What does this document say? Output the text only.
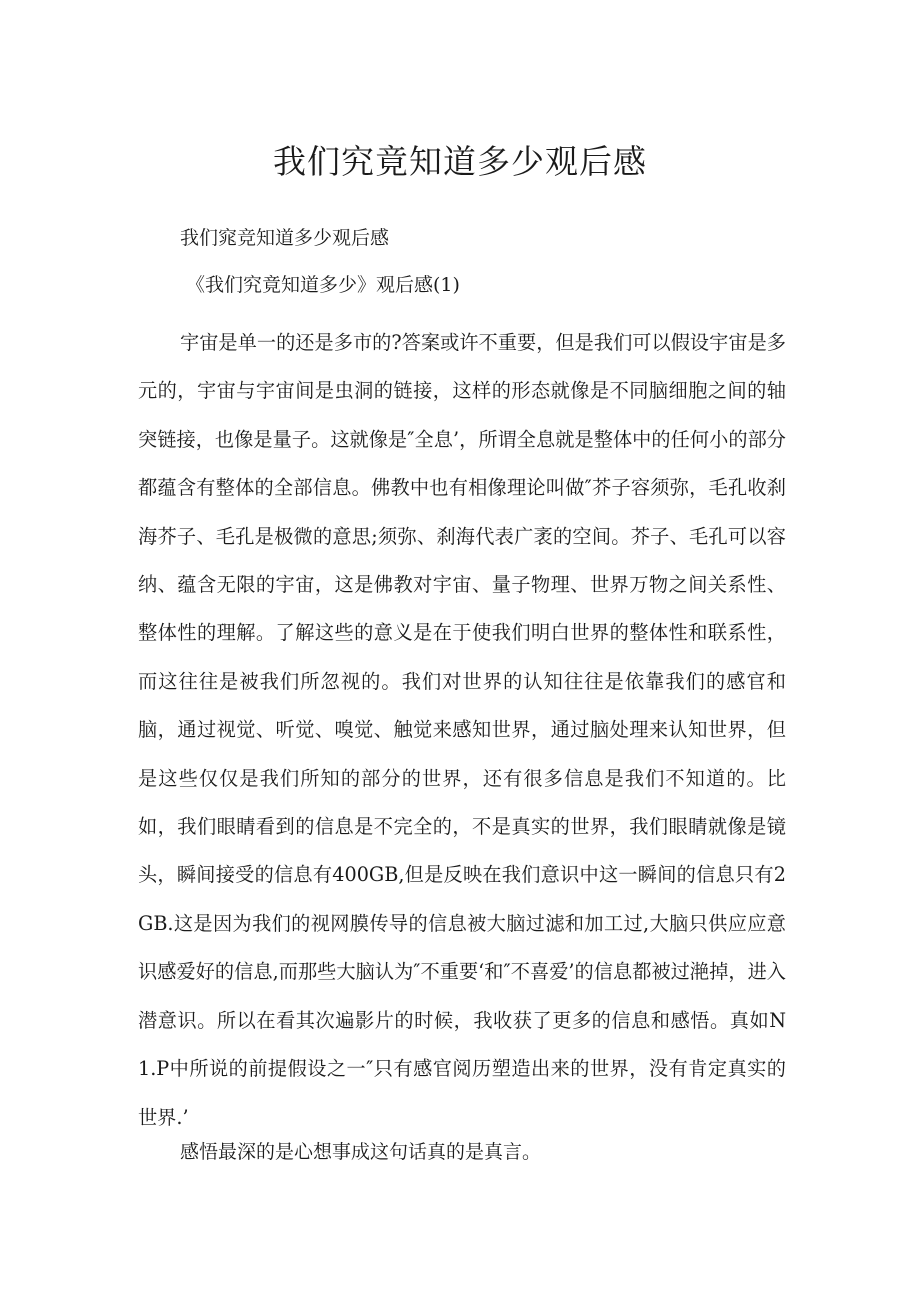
我们究竟知道多少观后感

我们窕竞知道多少观后感

《我们究竟知道多少》观后感(1)

宇宙是单一的还是多市的?答案或许不重要，但是我们可以假设宇宙是多元的，宇宙与宇宙间是虫洞的链接，这样的形态就像是不同脑细胞之间的轴突链接，也像是量子。这就像是″全息’，所谓全息就是整体中的任何小的部分都蕴含有整体的全部信息。佛教中也有相像理论叫做″芥子容须弥，毛孔收刹海芥子、毛孔是极微的意思;须弥、刹海代表广袤的空间。芥子、毛孔可以容纳、蕴含无限的宇宙，这是佛教对宇宙、量子物理、世界万物之间关系性、整体性的理解。了解这些的意义是在于使我们明白世界的整体性和联系性，而这往往是被我们所忽视的。我们对世界的认知往往是依靠我们的感官和脑，通过视觉、听觉、嗅觉、触觉来感知世界，通过脑处理来认知世界，但是这些仅仅是我们所知的部分的世界，还有很多信息是我们不知道的。比如，我们眼睛看到的信息是不完全的，不是真实的世界，我们眼睛就像是镜头，瞬间接受的信息有400GB,但是反映在我们意识中这一瞬间的信息只有2GB.这是因为我们的视网膜传导的信息被大脑过滤和加工过,大脑只供应应意识感爱好的信息,而那些大脑认为″不重要‘和″不喜爱’的信息都被过滟掉，进入潜意识。所以在看其次遍影片的时候，我收获了更多的信息和感悟。真如N1.P中所说的前提假设之一″只有感官阅历塑造出来的世界，没有肯定真实的世界.’

感悟最深的是心想事成这句话真的是真言。
